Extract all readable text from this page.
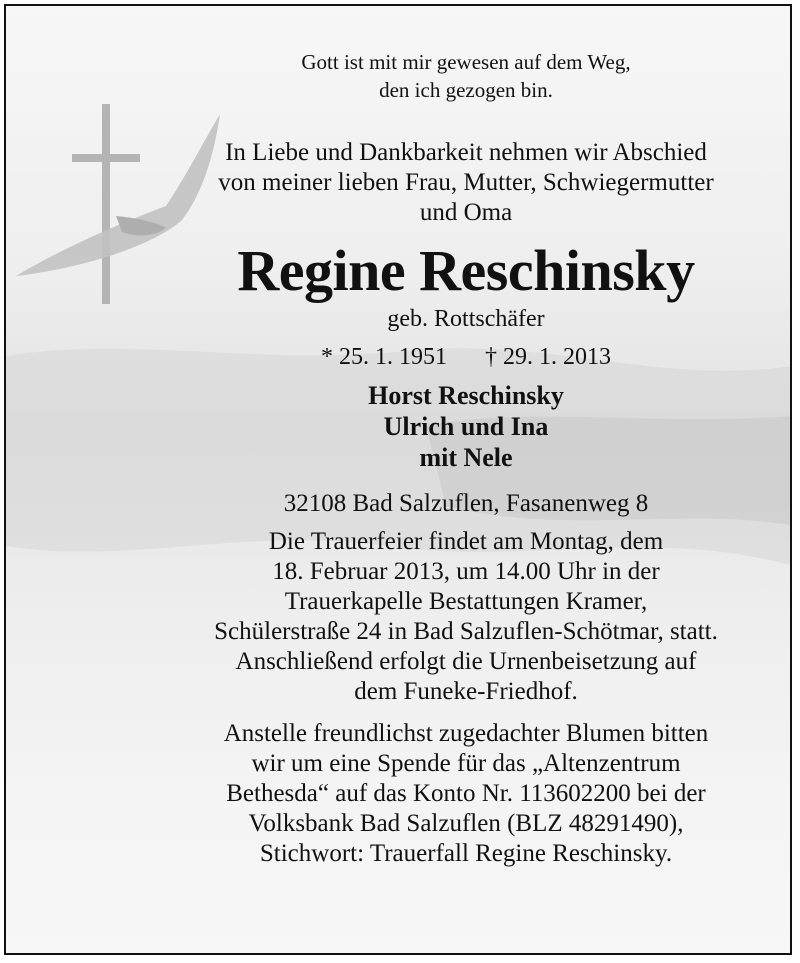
Gott ist mit mir gewesen auf dem Weg,
den ich gezogen bin.
In Liebe und Dankbarkeit nehmen wir Abschied
von meiner lieben Frau, Mutter, Schwiegermutter
und Oma
Regine Reschinsky
geb. Rottschäfer
* 25. 1. 1951 † 29. 1. 2013
Horst Reschinsky
Ulrich und Ina
mit Nele
32108 Bad Salzuflen, Fasanenweg 8
Die Trauerfeier findet am Montag, dem
18. Februar 2013, um 14.00 Uhr in der
Trauerkapelle Bestattungen Kramer,
Schülerstraße 24 in Bad Salzuflen-Schötmar, statt.
Anschließend erfolgt die Urnenbeisetzung auf
dem Funeke-Friedhof.
Anstelle freundlichst zugedachter Blumen bitten
wir um eine Spende für das „Altenzentrum
Bethesda“ auf das Konto Nr. 113602200 bei der
Volksbank Bad Salzuflen (BLZ 48291490),
Stichwort: Trauerfall Regine Reschinsky.
